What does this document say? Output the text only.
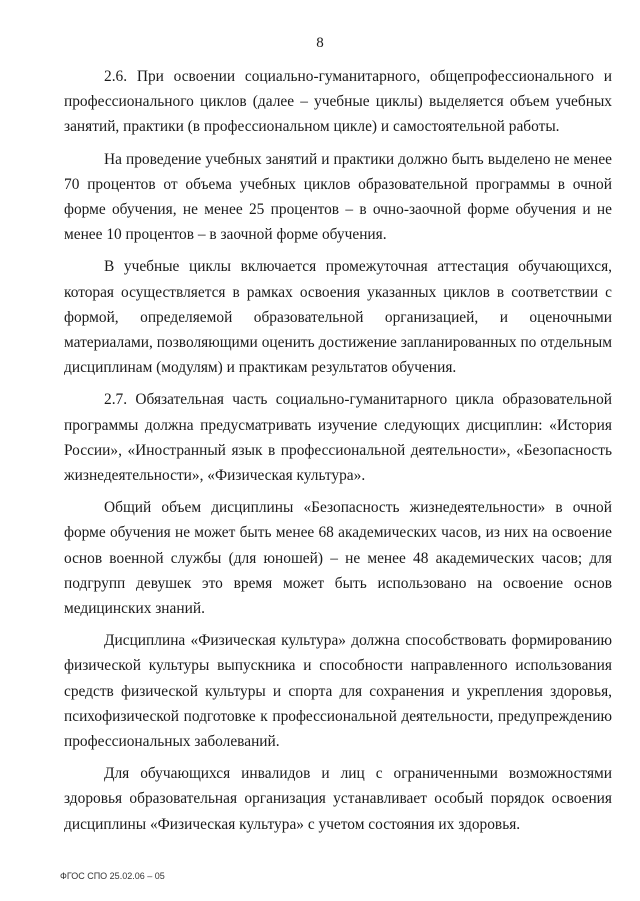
8

2.6. При освоении социально-гуманитарного, общепрофессионального и профессионального циклов (далее – учебные циклы) выделяется объем учебных занятий, практики (в профессиональном цикле) и самостоятельной работы.

На проведение учебных занятий и практики должно быть выделено не менее 70 процентов от объема учебных циклов образовательной программы в очной форме обучения, не менее 25 процентов – в очно-заочной форме обучения и не менее 10 процентов – в заочной форме обучения.

В учебные циклы включается промежуточная аттестация обучающихся, которая осуществляется в рамках освоения указанных циклов в соответствии с формой, определяемой образовательной организацией, и оценочными материалами, позволяющими оценить достижение запланированных по отдельным дисциплинам (модулям) и практикам результатов обучения.

2.7. Обязательная часть социально-гуманитарного цикла образовательной программы должна предусматривать изучение следующих дисциплин: «История России», «Иностранный язык в профессиональной деятельности», «Безопасность жизнедеятельности», «Физическая культура».

Общий объем дисциплины «Безопасность жизнедеятельности» в очной форме обучения не может быть менее 68 академических часов, из них на освоение основ военной службы (для юношей) – не менее 48 академических часов; для подгрупп девушек это время может быть использовано на освоение основ медицинских знаний.

Дисциплина «Физическая культура» должна способствовать формированию физической культуры выпускника и способности направленного использования средств физической культуры и спорта для сохранения и укрепления здоровья, психофизической подготовке к профессиональной деятельности, предупреждению профессиональных заболеваний.

Для обучающихся инвалидов и лиц с ограниченными возможностями здоровья образовательная организация устанавливает особый порядок освоения дисциплины «Физическая культура» с учетом состояния их здоровья.

ФГОС СПО 25.02.06 – 05
